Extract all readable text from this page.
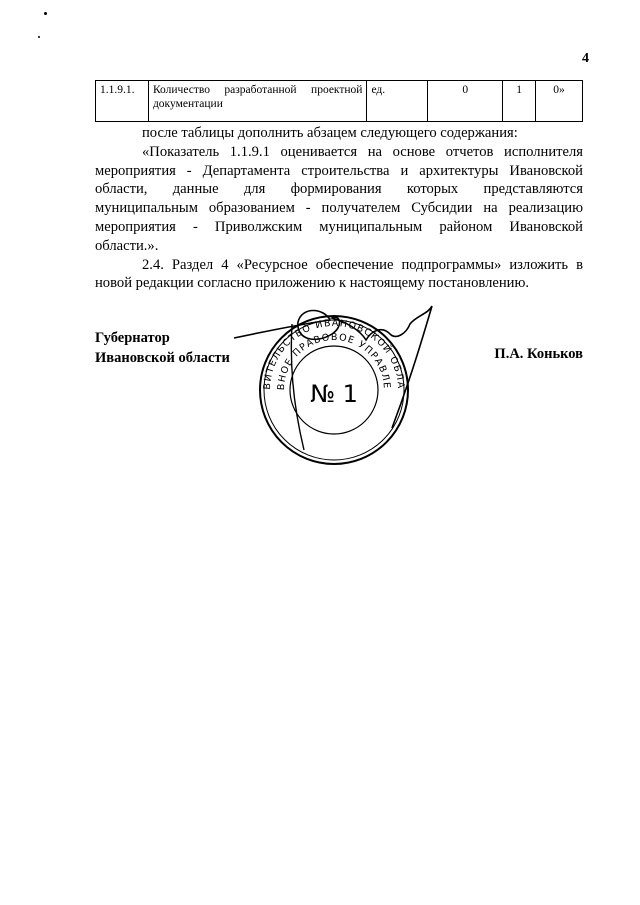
4
1.1.9.1.	Количество разработанной проектной документации	ед.	0	1	0»

после таблицы дополнить абзацем следующего содержания:

«Показатель 1.1.9.1 оценивается на основе отчетов исполнителя

мероприятия - Департамента строительства и архитектуры Ивановской

области, данные для формирования которых представляются

муниципальным образованием - получателем Субсидии на реализацию

мероприятия - Приволжским муниципальным районом Ивановской

области.».

2.4. Раздел 4 «Ресурсное обеспечение подпрограммы» изложить в

новой редакции согласно приложению к настоящему постановлению.

Губернатор
Ивановской области
ВИТЕЛЬСТВО ИВАНОВСКОЙ ОБЛА
ВНОЕ ПРАВОВОЕ УПРАВЛЕ
№ 1
П.А. Коньков
